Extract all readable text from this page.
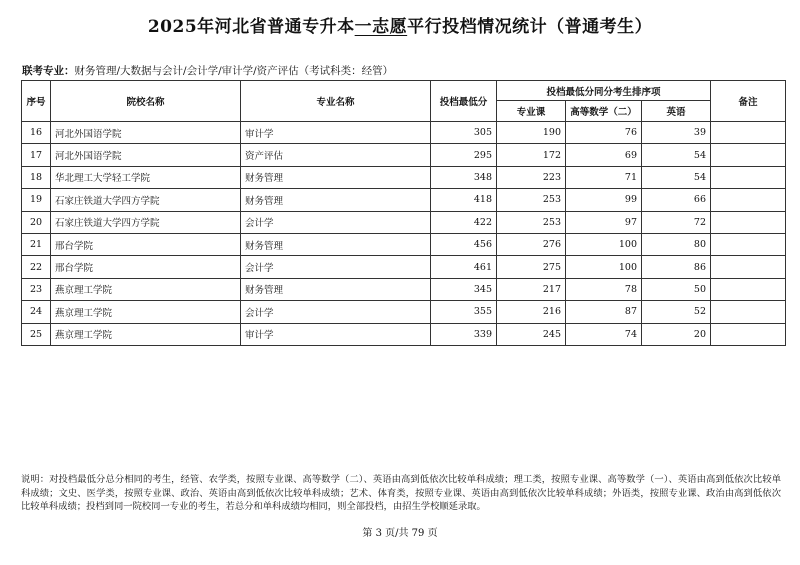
2025年河北省普通专升本一志愿平行投档情况统计（普通考生）
联考专业：财务管理/大数据与会计/会计学/审计学/资产评估（考试科类：经管）
序号	院校名称	专业名称	投档最低分	投档最低分同分考生排序项			备注
				专业课	高等数学（二）	英语	
16	河北外国语学院	审计学	305	190	76	39	
17	河北外国语学院	资产评估	295	172	69	54	
18	华北理工大学轻工学院	财务管理	348	223	71	54	
19	石家庄铁道大学四方学院	财务管理	418	253	99	66	
20	石家庄铁道大学四方学院	会计学	422	253	97	72	
21	邢台学院	财务管理	456	276	100	80	
22	邢台学院	会计学	461	275	100	86	
23	燕京理工学院	财务管理	345	217	78	50	
24	燕京理工学院	会计学	355	216	87	52	
25	燕京理工学院	审计学	339	245	74	20	
说明：对投档最低分总分相同的考生，经管、农学类，按照专业课、高等数学（二）、英语由高到低依次比较单科成绩；理工类，按照专业课、高等数学（一）、英语由高到低依次比较单科成绩；文史、医学类，按照专业课、政治、英语由高到低依次比较单科成绩；艺术、体育类，按照专业课、英语由高到低依次比较单科成绩；外语类，按照专业课、政治由高到低依次比较单科成绩；投档到同一院校同一专业的考生，若总分和单科成绩均相同，则全部投档，由招生学校顺延录取。
第 3 页/共 79 页
